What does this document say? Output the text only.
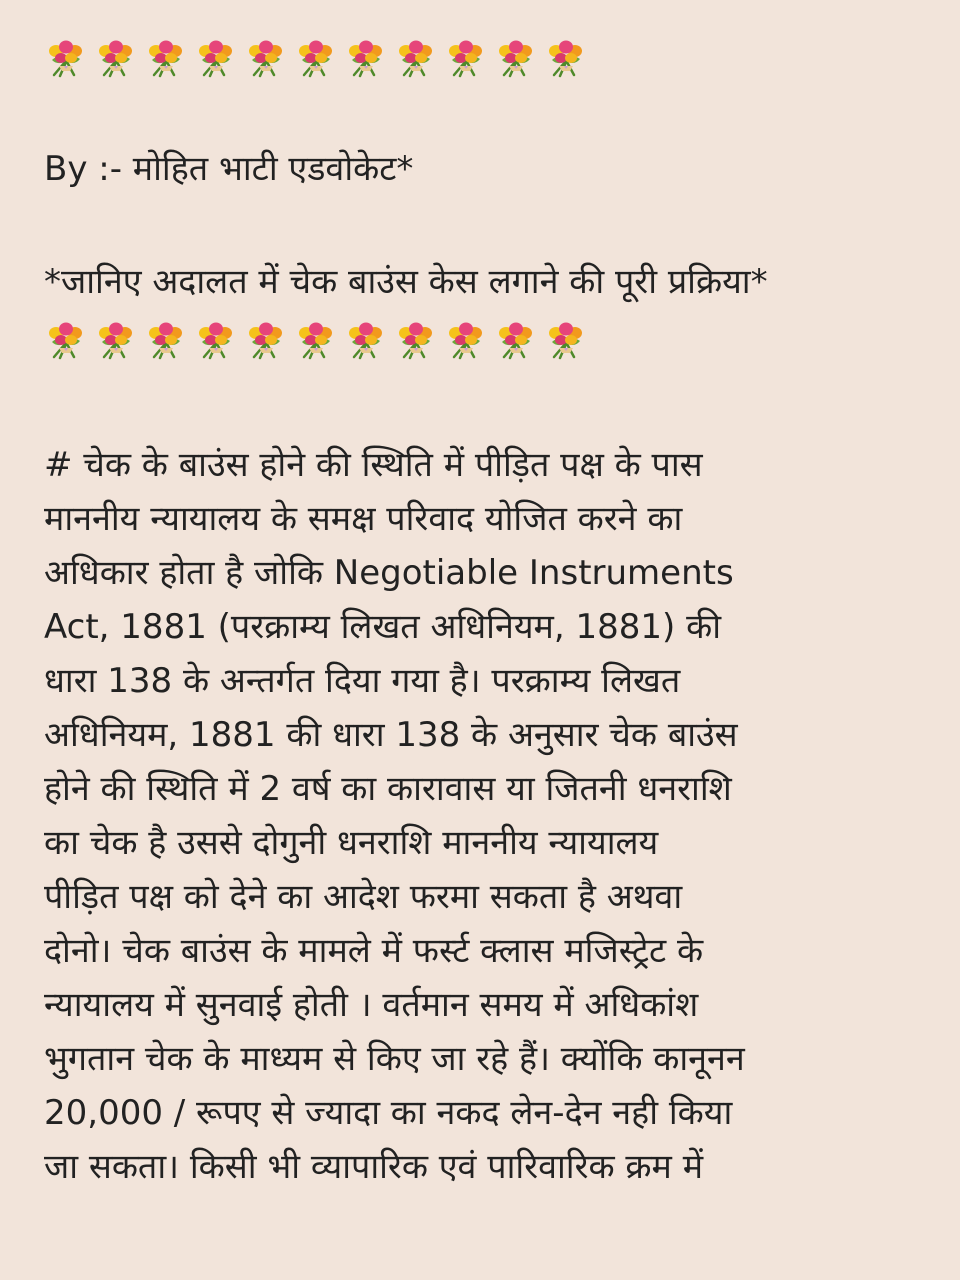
By :- मोहित भाटी एडवोकेट*
*जानिए अदालत में चेक बाउंस केस लगाने की पूरी प्रक्रिया*
# चेक के बाउंस होने की स्थिति में पीड़ित पक्ष के पास
माननीय न्यायालय के समक्ष परिवाद योजित करने का
अधिकार होता है जोकि Negotiable Instruments
Act, 1881 (परक्राम्य लिखत अधिनियम, 1881) की
धारा 138 के अन्तर्गत दिया गया है। परक्राम्य लिखत
अधिनियम, 1881 की धारा 138 के अनुसार चेक बाउंस
होने की स्थिति में 2 वर्ष का कारावास या जितनी धनराशि
का चेक है उससे दोगुनी धनराशि माननीय न्यायालय
पीड़ित पक्ष को देने का आदेश फरमा सकता है अथवा
दोनो। चेक बाउंस के मामले में फर्स्ट क्लास मजिस्ट्रेट के
न्यायालय में सुनवाई होती । वर्तमान समय में अधिकांश
भुगतान चेक के माध्यम से किए जा रहे हैं। क्योंकि कानूनन
20,000 / रूपए से ज्यादा का नकद लेन-देन नही किया
जा सकता। किसी भी व्यापारिक एवं पारिवारिक क्रम में
